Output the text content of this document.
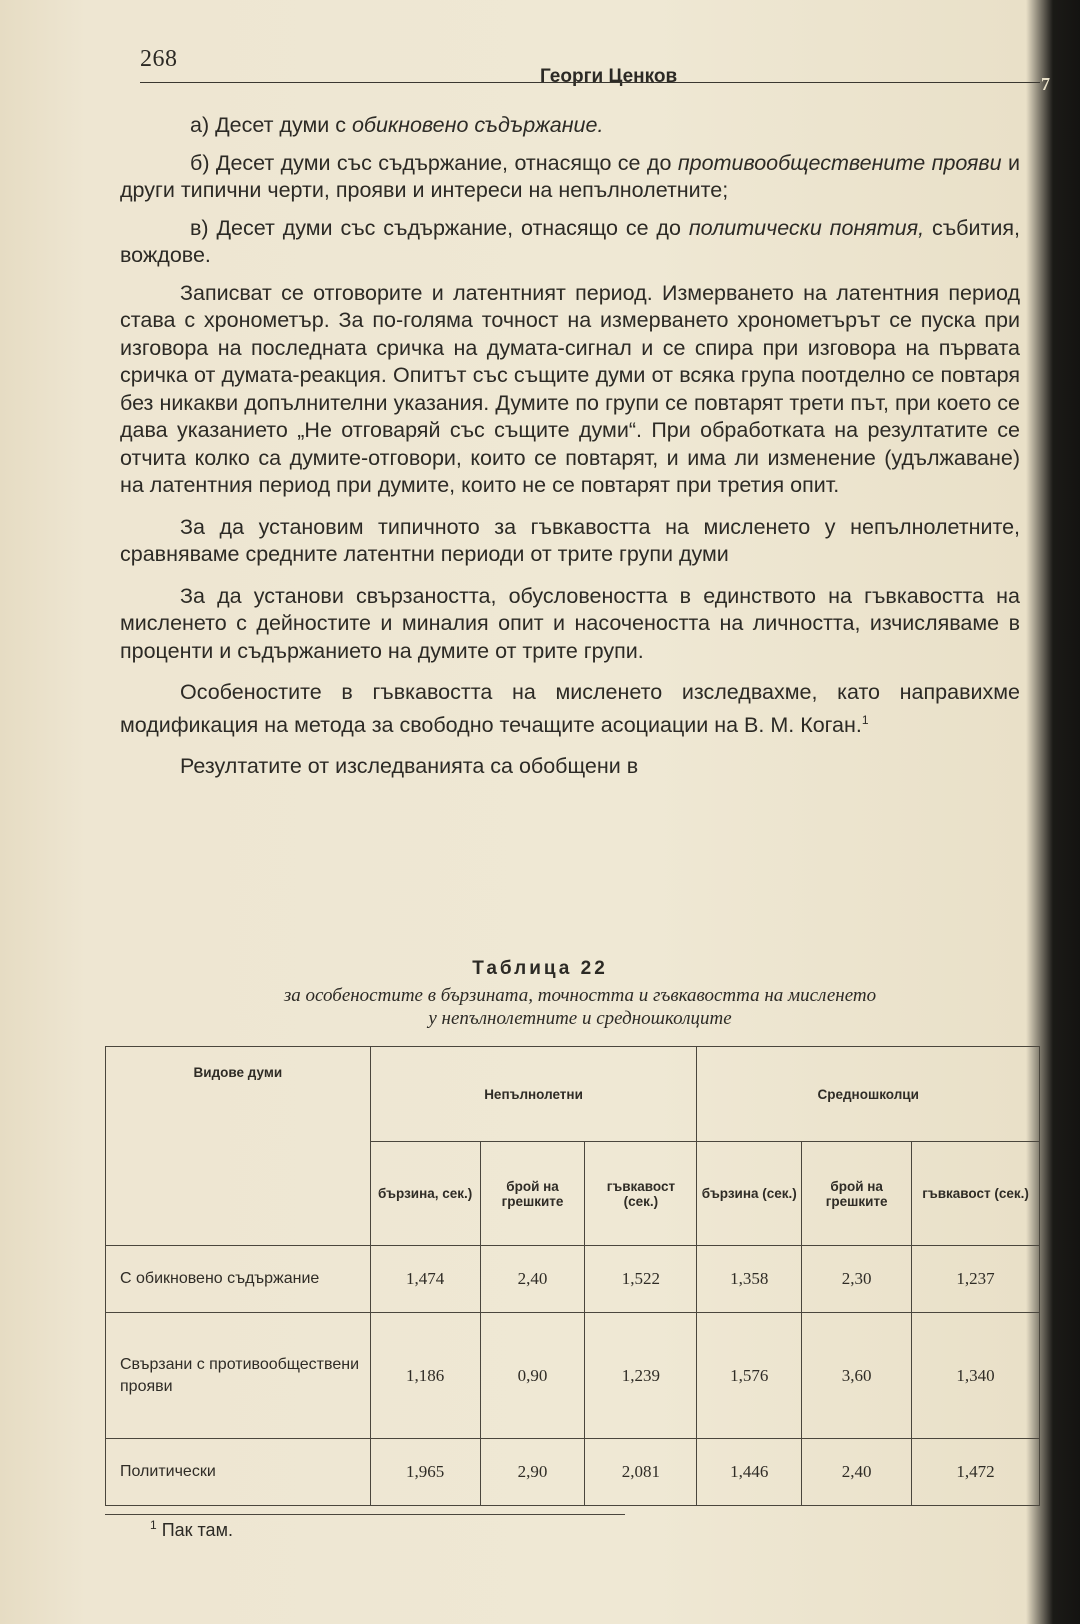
268
Георги Ценков	7

а) Десет думи с обикновено съдържание.

б) Десет думи със съдържание, отнасящо се до противообществените прояви и други типични черти, прояви и интереси на непълнолетните;

в) Десет думи със съдържание, отнасящо се до политически понятия, събития, вождове.

Записват се отговорите и латентният период. Измерването на латентния период става с хронометър. За по-голяма точност на измерването хронометърът се пуска при изговора на последната сричка на думата-сигнал и се спира при изговора на първата сричка от думата-реакция. Опитът със същите думи от всяка група поотделно се повтаря без никакви допълнителни указания. Думите по групи се повтарят трети път, при което се дава указанието „Не отговаряй със същите думи“. При обработката на резултатите се отчита колко са думите-отговори, които се повтарят, и има ли изменение (удължаване) на латентния период при думите, които не се повтарят при третия опит.

За да установим типичното за гъвкавостта на мисленето у непълнолетните, сравняваме средните латентни периоди от трите групи думи

За да установи свързаността, обусловеността в единството на гъвкавостта на мисленето с дейностите и миналия опит и насочеността на личността, изчисляваме в проценти и съдържанието на думите от трите групи.

Особеностите в гъвкавостта на мисленето изследвахме, като направихме модификация на метода за свободно течащите асоциации на В. М. Коган.$^1$

Резултатите от изследванията са обобщени в

Таблица 22
за особеностите в бързината, точността и гъвкавостта на мисленето
у непълнолетните и средношколците
Видове думи	Непълнолетни			Средношколци		
	бързина, сек.)	брой на грешките	гъвкавост (сек.)	бързина (сек.)	брой на грешките	гъвкавост (сек.)
С обикновено съдържание	1,474	2,40	1,522	1,358	2,30	1,237
Свързани с противообществени прояви	1,186	0,90	1,239	1,576	3,60	1,340
Политически	1,965	2,90	2,081	1,446	2,40	1,472
$^1$ Пак там.
